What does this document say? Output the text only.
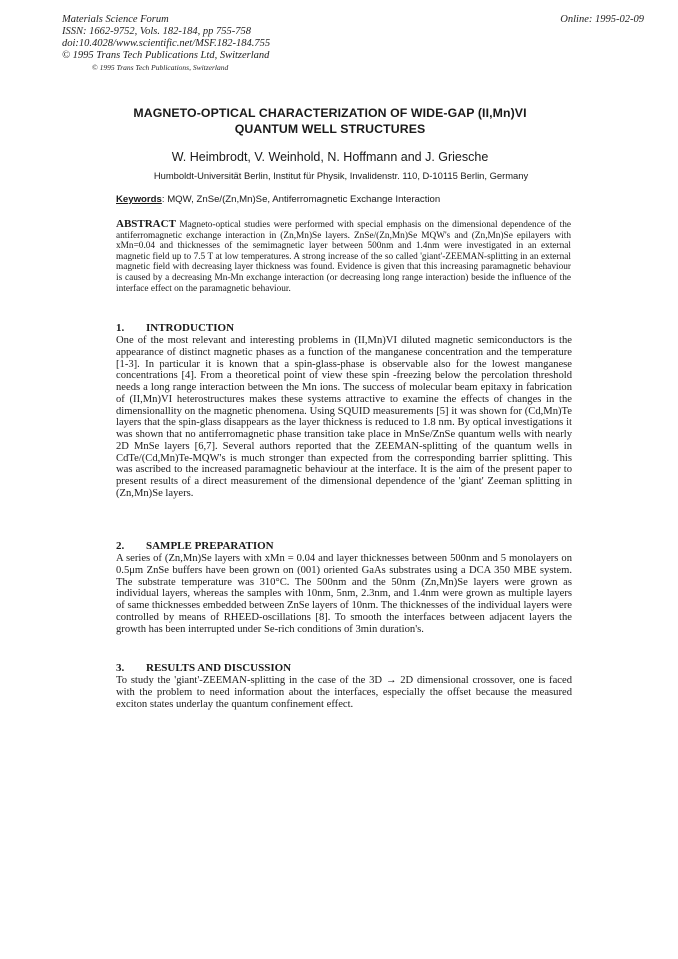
Materials Science Forum
ISSN: 1662-9752, Vols. 182-184, pp 755-758
doi:10.4028/www.scientific.net/MSF.182-184.755
© 1995 Trans Tech Publications Ltd, Switzerland
© 1995 Trans Tech Publications, Switzerland
Online: 1995-02-09
MAGNETO-OPTICAL CHARACTERIZATION OF WIDE-GAP (II,Mn)VI
QUANTUM WELL STRUCTURES
W. Heimbrodt, V. Weinhold, N. Hoffmann and J. Griesche
Humboldt-Universität Berlin, Institut für Physik, Invalidenstr. 110, D-10115 Berlin, Germany
Keywords: MQW, ZnSe/(Zn,Mn)Se, Antiferromagnetic Exchange Interaction
ABSTRACT Magneto-optical studies were performed with special emphasis on the dimensional dependence of the antiferromagnetic exchange interaction in (Zn,Mn)Se layers. ZnSe/(Zn,Mn)Se MQW's and (Zn,Mn)Se epilayers with xMn=0.04 and thicknesses of the semimagnetic layer between 500nm and 1.4nm were investigated in an external magnetic field up to 7.5 T at low temperatures. A strong increase of the so called 'giant'-ZEEMAN-splitting in an external magnetic field with decreasing layer thickness was found. Evidence is given that this increasing paramagnetic behaviour is caused by a decreasing Mn-Mn exchange interaction (or decreasing long range interaction) beside the influence of the interface effect on the paramagnetic behaviour.
1. INTRODUCTION
One of the most relevant and interesting problems in (II,Mn)VI diluted magnetic semiconductors is the appearance of distinct magnetic phases as a function of the manganese concentration and the temperature [1-3]. In particular it is known that a spin-glass-phase is observable also for the lowest manganese concentrations [4]. From a theoretical point of view these spin -freezing below the percolation threshold needs a long range interaction between the Mn ions. The success of molecular beam epitaxy in fabrication of (II,Mn)VI heterostructures makes these systems attractive to examine the effects of changes in the dimensionallity on the magnetic phenomena. Using SQUID measurements [5] it was shown for (Cd,Mn)Te layers that the spin-glass disappears as the layer thickness is reduced to 1.8 nm. By optical investigations it was shown that no antiferromagnetic phase transition take place in MnSe/ZnSe quantum wells with nearly 2D MnSe layers [6,7]. Several authors reported that the ZEEMAN-splitting of the quantum wells in CdTe/(Cd,Mn)Te-MQW's is much stronger than expected from the corresponding barrier splitting. This was ascribed to the increased paramagnetic behaviour at the interface. It is the aim of the present paper to present results of a direct measurement of the dimensional dependence of the 'giant' Zeeman splitting in (Zn,Mn)Se layers.
2. SAMPLE PREPARATION
A series of (Zn,Mn)Se layers with xMn = 0.04 and layer thicknesses between 500nm and 5 monolayers on 0.5μm ZnSe buffers have been grown on (001) oriented GaAs substrates using a DCA 350 MBE system. The substrate temperature was 310°C. The 500nm and the 50nm (Zn,Mn)Se layers were grown as individual layers, whereas the samples with 10nm, 5nm, 2.3nm, and 1.4nm were grown as multiple layers of same thicknesses embedded between ZnSe layers of 10nm. The thicknesses of the individual layers were controlled by means of RHEED-oscillations [8]. To smooth the interfaces between adjacent layers the growth has been interrupted under Se-rich conditions of 3min duration's.
3. RESULTS AND DISCUSSION
To study the 'giant'-ZEEMAN-splitting in the case of the 3D → 2D dimensional crossover, one is faced with the problem to need information about the interfaces, especially the offset because the measured exciton states underlay the quantum confinement effect.
